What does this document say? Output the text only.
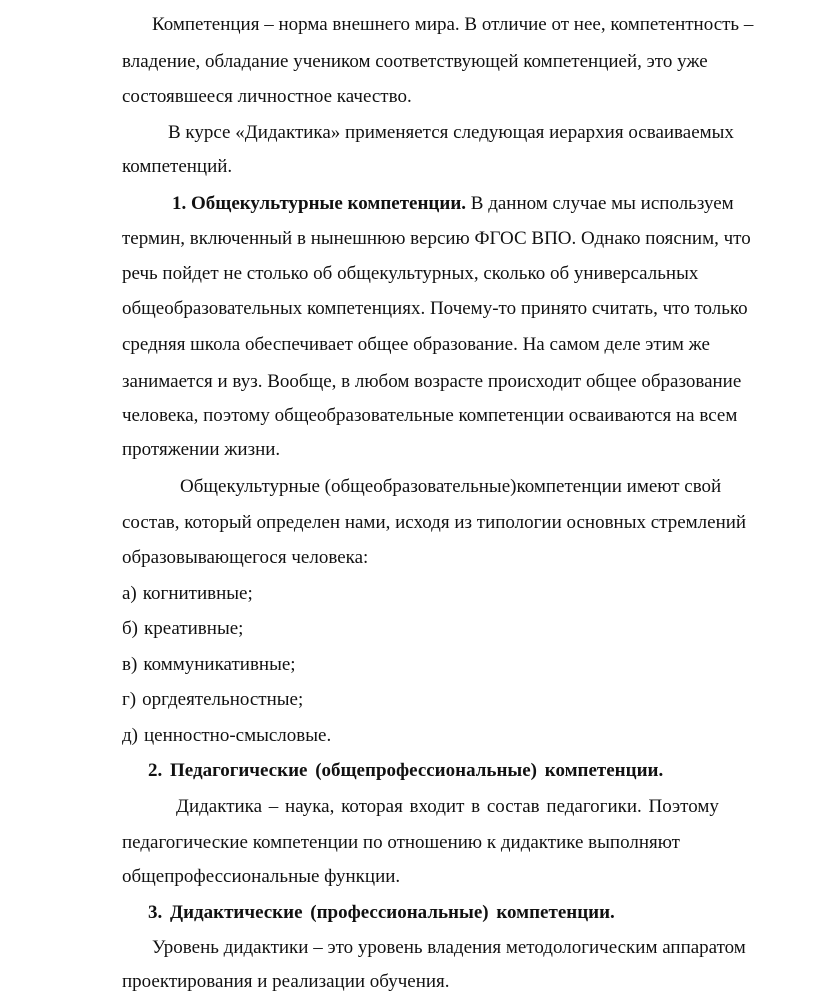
Компетенция – норма внешнего мира. В отличие от нее, компетентность –
владение, обладание учеником соответствующей компетенцией, это уже
состоявшееся личностное качество.
В курсе «Дидактика» применяется следующая иерархия осваиваемых
компетенций.
1. Общекультурные компетенции. В данном случае мы используем
термин, включенный в нынешнюю версию ФГОС ВПО. Однако поясним, что
речь пойдет не столько об общекультурных, сколько об универсальных
общеобразовательных компетенциях. Почему-то принято считать, что только
средняя школа обеспечивает общее образование. На самом деле этим же
занимается и вуз. Вообще, в любом возрасте происходит общее образование
человека, поэтому общеобразовательные компетенции осваиваются на всем
протяжении жизни.
Общекультурные (общеобразовательные)компетенции имеют свой
состав, который определен нами, исходя из типологии основных стремлений
образовывающегося человека:
а) когнитивные;
б) креативные;
в) коммуникативные;
г) оргдеятельностные;
д) ценностно-смысловые.
2. Педагогические (общепрофессиональные) компетенции.
Дидактика – наука, которая входит в состав педагогики. Поэтому
педагогические компетенции по отношению к дидактике выполняют
общепрофессиональные функции.
3. Дидактические (профессиональные) компетенции.
Уровень дидактики – это уровень владения методологическим аппаратом
проектирования и реализации обучения.
